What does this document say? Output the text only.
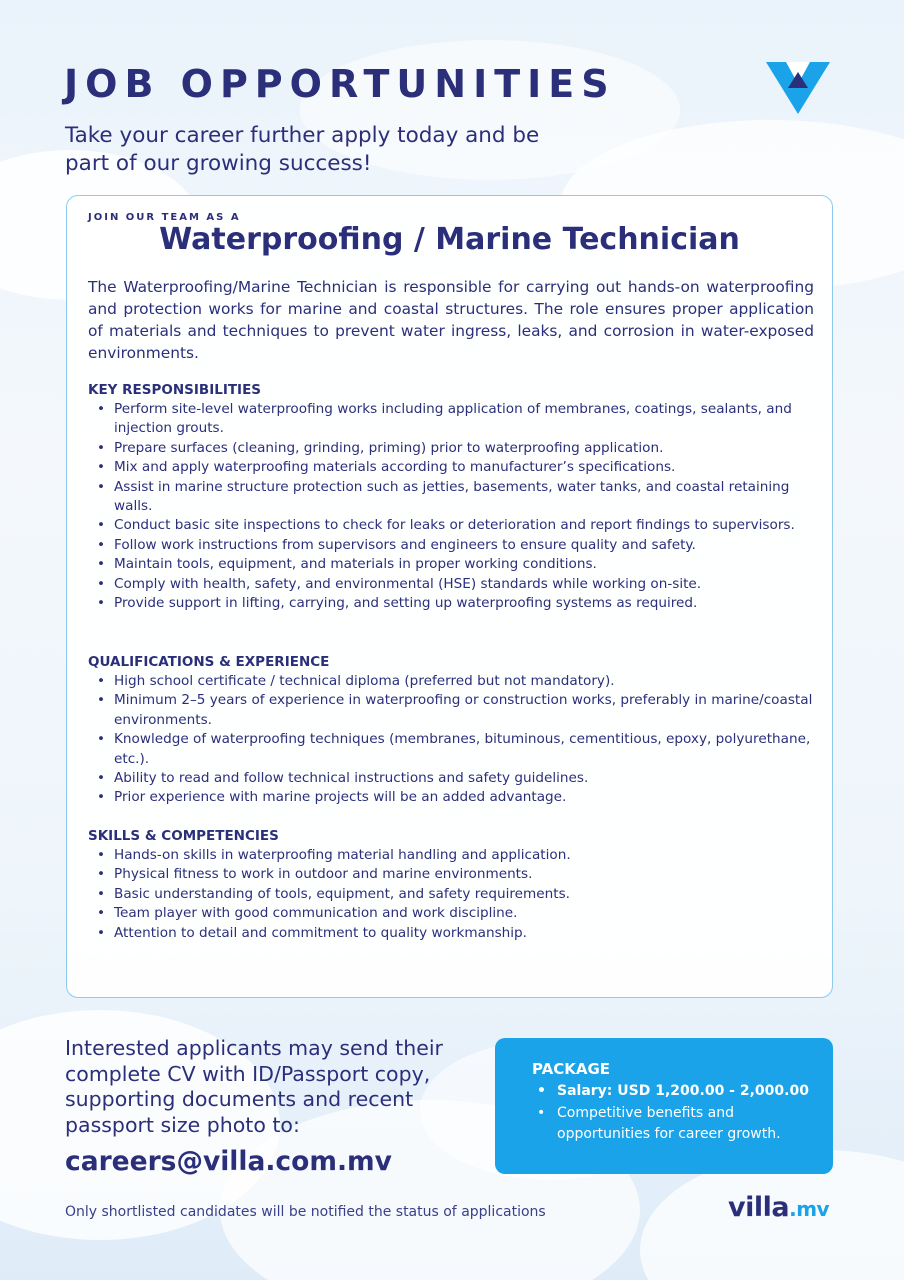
JOB OPPORTUNITIES

Take your career further apply today and be part of our growing success!

JOIN OUR TEAM AS A
Waterproofing / Marine Technician

The Waterproofing/Marine Technician is responsible for carrying out hands-on waterproofing and protection works for marine and coastal structures. The role ensures proper application of materials and techniques to prevent water ingress, leaks, and corrosion in water-exposed environments.

KEY RESPONSIBILITIES
• Perform site-level waterproofing works including application of membranes, coatings, sealants, and injection grouts.
• Prepare surfaces (cleaning, grinding, priming) prior to waterproofing application.
• Mix and apply waterproofing materials according to manufacturer’s specifications.
• Assist in marine structure protection such as jetties, basements, water tanks, and coastal retaining walls.
• Conduct basic site inspections to check for leaks or deterioration and report findings to supervisors.
• Follow work instructions from supervisors and engineers to ensure quality and safety.
• Maintain tools, equipment, and materials in proper working conditions.
• Comply with health, safety, and environmental (HSE) standards while working on-site.
• Provide support in lifting, carrying, and setting up waterproofing systems as required.
QUALIFICATIONS & EXPERIENCE
• High school certificate / technical diploma (preferred but not mandatory).
• Minimum 2–5 years of experience in waterproofing or construction works, preferably in marine/coastal environments.
• Knowledge of waterproofing techniques (membranes, bituminous, cementitious, epoxy, polyurethane, etc.).
• Ability to read and follow technical instructions and safety guidelines.
• Prior experience with marine projects will be an added advantage.
SKILLS & COMPETENCIES
• Hands-on skills in waterproofing material handling and application.
• Physical fitness to work in outdoor and marine environments.
• Basic understanding of tools, equipment, and safety requirements.
• Team player with good communication and work discipline.
• Attention to detail and commitment to quality workmanship.

Interested applicants may send their complete CV with ID/Passport copy, supporting documents and recent passport size photo to:

careers@villa.com.mv
PACKAGE
• Salary: USD 1,200.00 - 2,000.00
• Competitive benefits and opportunities for career growth.

Only shortlisted candidates will be notified the status of applications	villa.mv
